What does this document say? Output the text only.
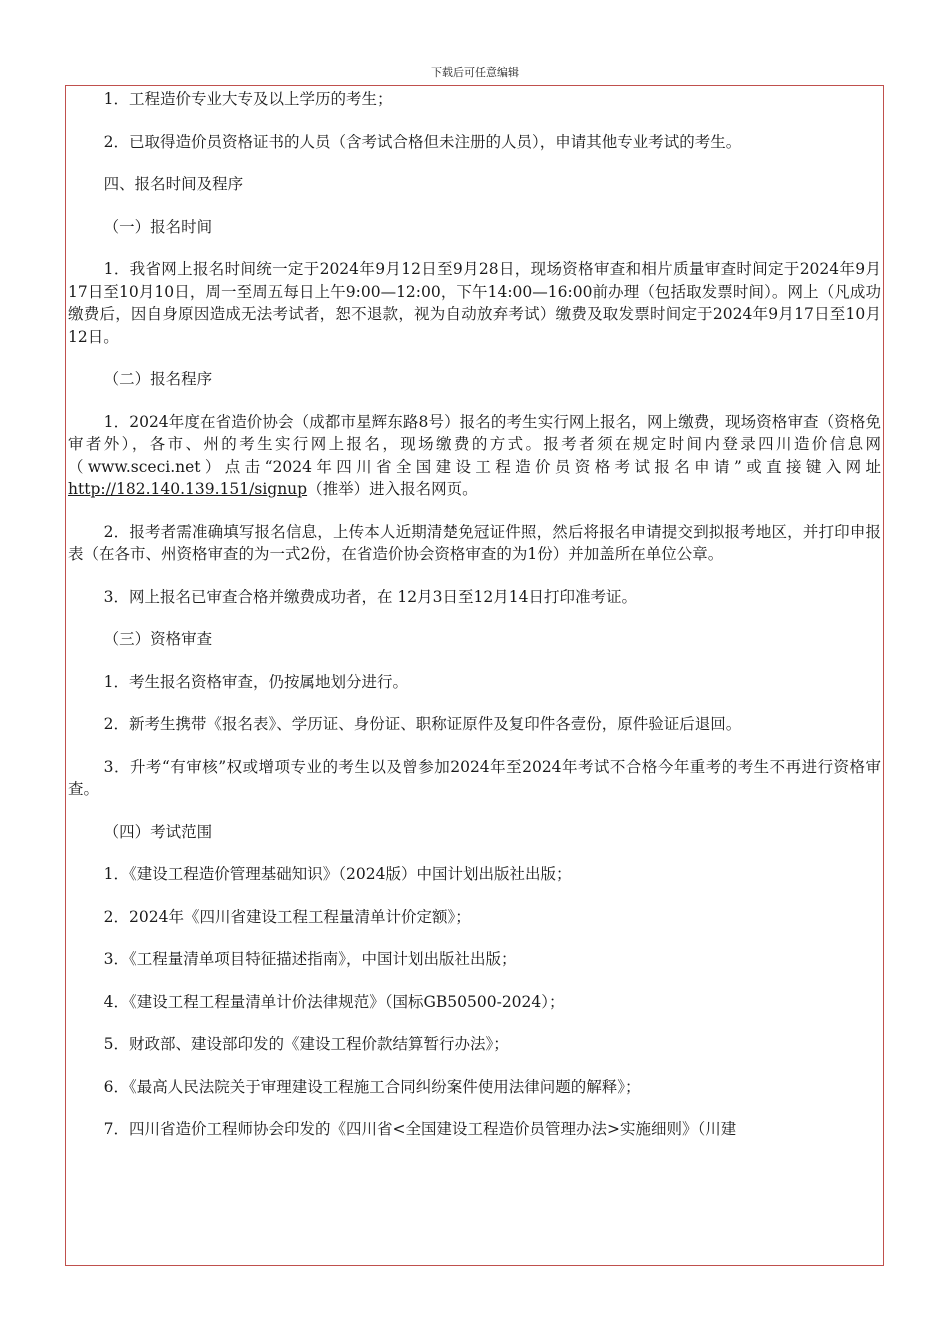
下载后可任意编辑

1．工程造价专业大专及以上学历的考生；

2．已取得造价员资格证书的人员（含考试合格但未注册的人员），申请其他专业考试的考生。

四、报名时间及程序

（一）报名时间

1．我省网上报名时间统一定于2024年9月12日至9月28日，现场资格审查和相片质量审查时间定于2024年9月17日至10月10日，周一至周五每日上午9:00—12:00，下午14:00—16:00前办理（包括取发票时间）。网上（凡成功缴费后，因自身原因造成无法考试者，恕不退款，视为自动放弃考试）缴费及取发票时间定于2024年9月17日至10月12日。

（二）报名程序

1．2024年度在省造价协会（成都市星辉东路8号）报名的考生实行网上报名，网上缴费，现场资格审查（资格免审者外），各市、州的考生实行网上报名，现场缴费的方式。报考者须在规定时间内登录四川造价信息网（www.sceci.net）点击“2024年四川省全国建设工程造价员资格考试报名申请”或直接键入网址http://182.140.139.151/signup（推举）进入报名网页。

2．报考者需准确填写报名信息，上传本人近期清楚免冠证件照，然后将报名申请提交到拟报考地区，并打印申报表（在各市、州资格审查的为一式2份，在省造价协会资格审查的为1份）并加盖所在单位公章。

3．网上报名已审查合格并缴费成功者，在 12月3日至12月14日打印准考证。

（三）资格审查

1．考生报名资格审查，仍按属地划分进行。

2．新考生携带《报名表》、学历证、身份证、职称证原件及复印件各壹份，原件验证后退回。

3．升考“有审核”权或增项专业的考生以及曾参加2024年至2024年考试不合格今年重考的考生不再进行资格审查。

（四）考试范围

1．《建设工程造价管理基础知识》（2024版）中国计划出版社出版；

2．2024年《四川省建设工程工程量清单计价定额》；

3．《工程量清单项目特征描述指南》，中国计划出版社出版；

4．《建设工程工程量清单计价法律规范》（国标GB50500-2024）；

5．财政部、建设部印发的《建设工程价款结算暂行办法》；

6．《最高人民法院关于审理建设工程施工合同纠纷案件使用法律问题的解释》；

7．四川省造价工程师协会印发的《四川省<全国建设工程造价员管理办法>实施细则》（川建
